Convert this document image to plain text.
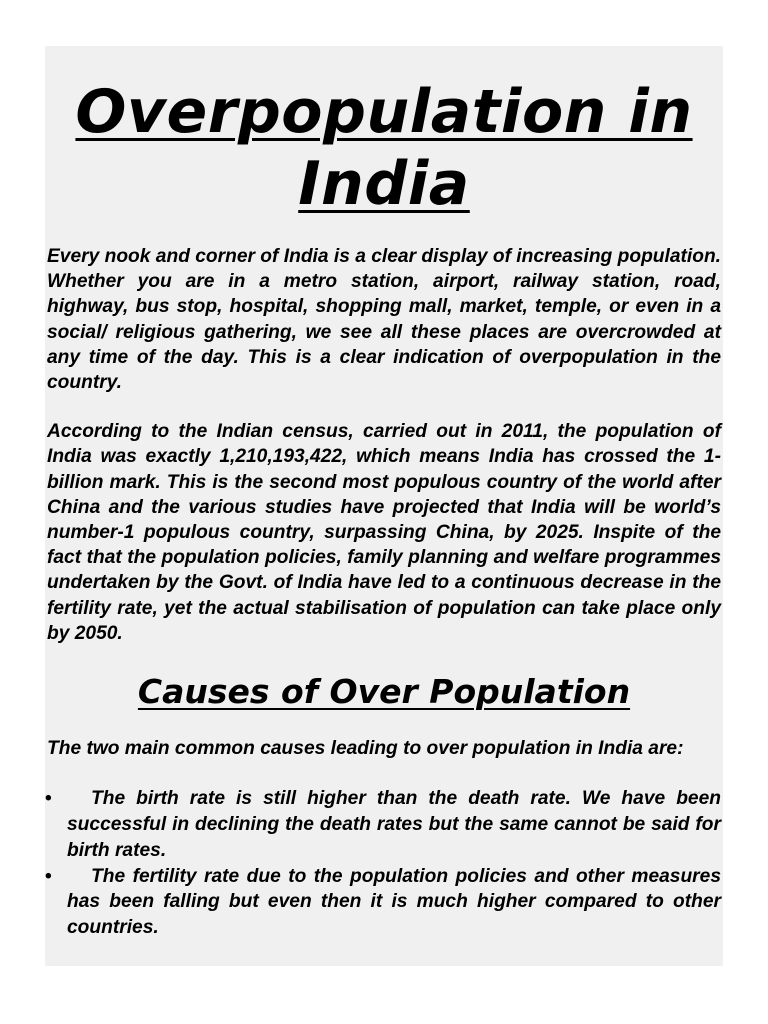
Overpopulation in India

Every nook and corner of India is a clear display of increasing population. Whether you are in a metro station, airport, railway station, road, highway, bus stop, hospital, shopping mall, market, temple, or even in a social/ religious gathering, we see all these places are overcrowded at any time of the day. This is a clear indication of overpopulation in the country.

According to the Indian census, carried out in 2011, the population of India was exactly 1,210,193,422, which means India has crossed the 1-billion mark. This is the second most populous country of the world after China and the various studies have projected that India will be world’s number-1 populous country, surpassing China, by 2025. Inspite of the fact that the population policies, family planning and welfare programmes undertaken by the Govt. of India have led to a continuous decrease in the fertility rate, yet the actual stabilisation of population can take place only by 2050.

Causes of Over Population

The two main common causes leading to over population in India are:

•	The birth rate is still higher than the death rate. We have been successful in declining the death rates but the same cannot be said for birth rates.
•	The fertility rate due to the population policies and other measures has been falling but even then it is much higher compared to other countries.
